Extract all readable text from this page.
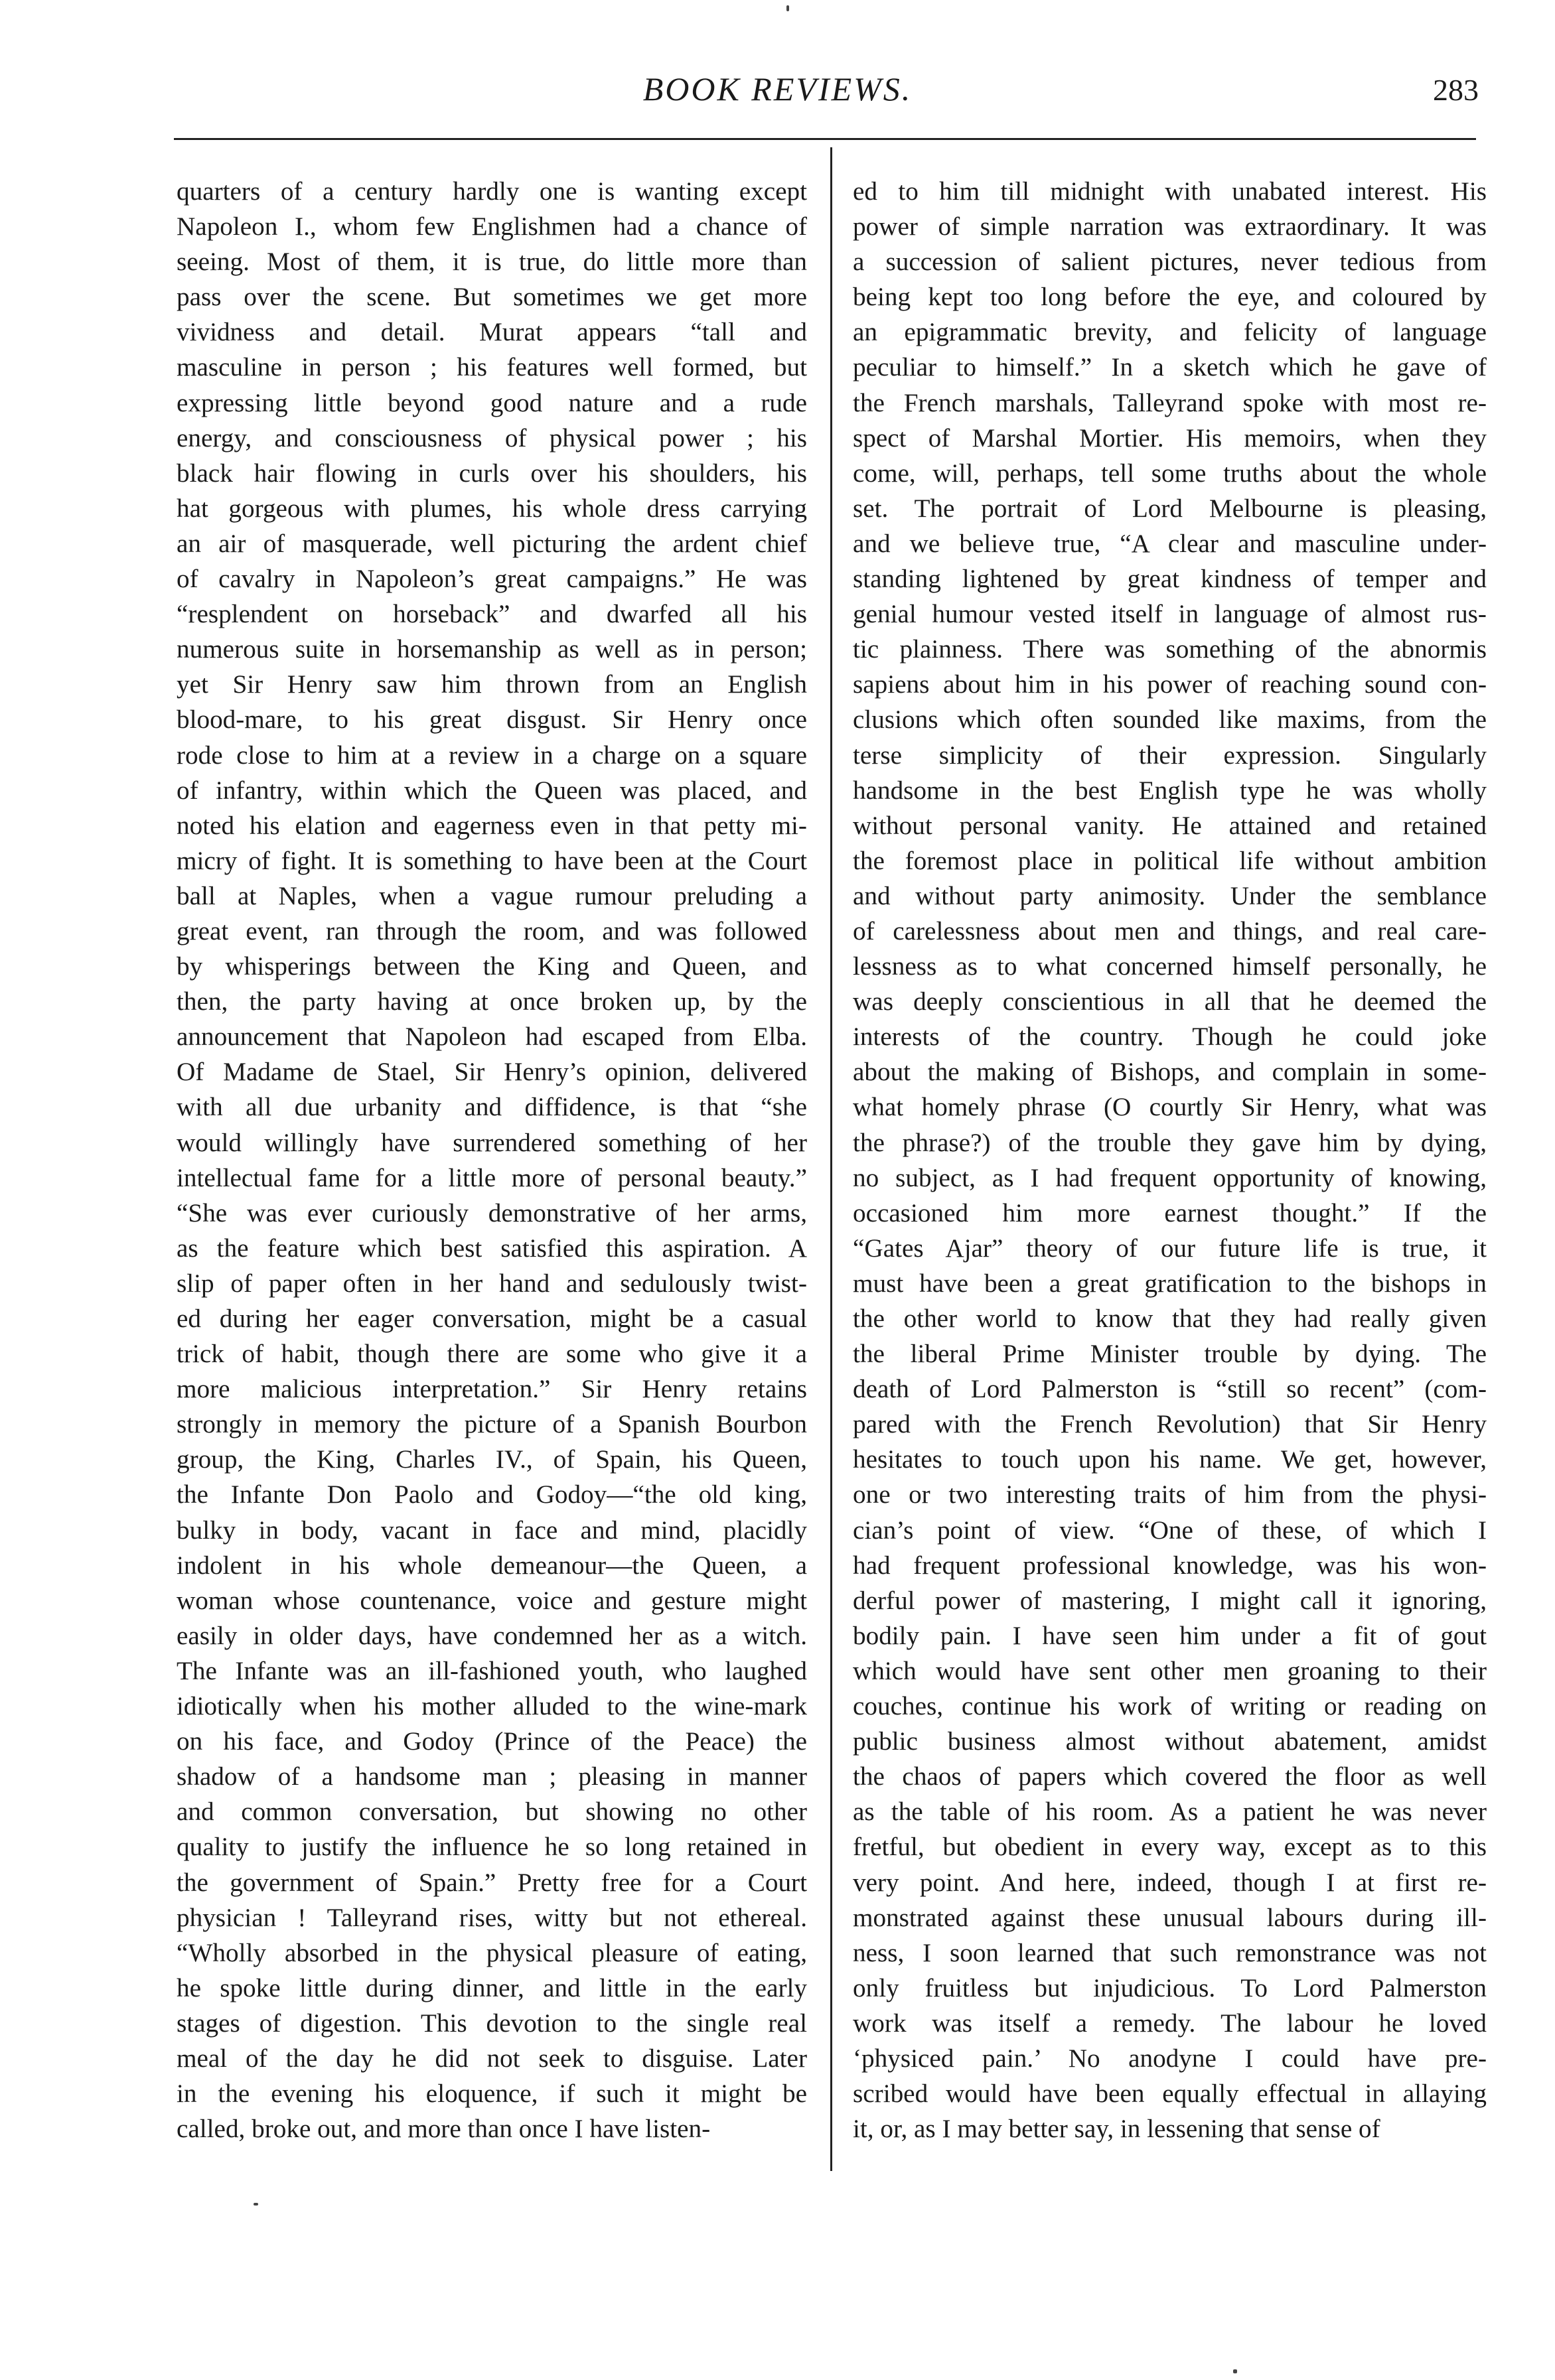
BOOK REVIEWS.	283
quarters of a century hardly one is wanting except
Napoleon I., whom few Englishmen had a chance of
seeing. Most of them, it is true, do little more than
pass over the scene. But sometimes we get more
vividness and detail. Murat appears “tall and
masculine in person ; his features well formed, but
expressing little beyond good nature and a rude
energy, and consciousness of physical power ; his
black hair flowing in curls over his shoulders, his
hat gorgeous with plumes, his whole dress carrying
an air of masquerade, well picturing the ardent chief
of cavalry in Napoleon’s great campaigns.” He was
“resplendent on horseback” and dwarfed all his
numerous suite in horsemanship as well as in person;
yet Sir Henry saw him thrown from an English
blood-mare, to his great disgust. Sir Henry once
rode close to him at a review in a charge on a square
of infantry, within which the Queen was placed, and
noted his elation and eagerness even in that petty mi-
micry of fight. It is something to have been at the Court
ball at Naples, when a vague rumour preluding a
great event, ran through the room, and was followed
by whisperings between the King and Queen, and
then, the party having at once broken up, by the
announcement that Napoleon had escaped from Elba.
Of Madame de Stael, Sir Henry’s opinion, delivered
with all due urbanity and diffidence, is that “she
would willingly have surrendered something of her
intellectual fame for a little more of personal beauty.”
“She was ever curiously demonstrative of her arms,
as the feature which best satisfied this aspiration. A
slip of paper often in her hand and sedulously twist-
ed during her eager conversation, might be a casual
trick of habit, though there are some who give it a
more malicious interpretation.” Sir Henry retains
strongly in memory the picture of a Spanish Bourbon
group, the King, Charles IV., of Spain, his Queen,
the Infante Don Paolo and Godoy—“the old king,
bulky in body, vacant in face and mind, placidly
indolent in his whole demeanour—the Queen, a
woman whose countenance, voice and gesture might
easily in older days, have condemned her as a witch.
The Infante was an ill-fashioned youth, who laughed
idiotically when his mother alluded to the wine-mark
on his face, and Godoy (Prince of the Peace) the
shadow of a handsome man ; pleasing in manner
and common conversation, but showing no other
quality to justify the influence he so long retained in
the government of Spain.” Pretty free for a Court
physician ! Talleyrand rises, witty but not ethereal.
“Wholly absorbed in the physical pleasure of eating,
he spoke little during dinner, and little in the early
stages of digestion. This devotion to the single real
meal of the day he did not seek to disguise. Later
in the evening his eloquence, if such it might be
called, broke out, and more than once I have listen-
ed to him till midnight with unabated interest. His
power of simple narration was extraordinary. It was
a succession of salient pictures, never tedious from
being kept too long before the eye, and coloured by
an epigrammatic brevity, and felicity of language
peculiar to himself.” In a sketch which he gave of
the French marshals, Talleyrand spoke with most re-
spect of Marshal Mortier. His memoirs, when they
come, will, perhaps, tell some truths about the whole
set. The portrait of Lord Melbourne is pleasing,
and we believe true, “A clear and masculine under-
standing lightened by great kindness of temper and
genial humour vested itself in language of almost rus-
tic plainness. There was something of the abnormis
sapiens about him in his power of reaching sound con-
clusions which often sounded like maxims, from the
terse simplicity of their expression. Singularly
handsome in the best English type he was wholly
without personal vanity. He attained and retained
the foremost place in political life without ambition
and without party animosity. Under the semblance
of carelessness about men and things, and real care-
lessness as to what concerned himself personally, he
was deeply conscientious in all that he deemed the
interests of the country. Though he could joke
about the making of Bishops, and complain in some-
what homely phrase (O courtly Sir Henry, what was
the phrase?) of the trouble they gave him by dying,
no subject, as I had frequent opportunity of knowing,
occasioned him more earnest thought.” If the
“Gates Ajar” theory of our future life is true, it
must have been a great gratification to the bishops in
the other world to know that they had really given
the liberal Prime Minister trouble by dying. The
death of Lord Palmerston is “still so recent” (com-
pared with the French Revolution) that Sir Henry
hesitates to touch upon his name. We get, however,
one or two interesting traits of him from the physi-
cian’s point of view. “One of these, of which I
had frequent professional knowledge, was his won-
derful power of mastering, I might call it ignoring,
bodily pain. I have seen him under a fit of gout
which would have sent other men groaning to their
couches, continue his work of writing or reading on
public business almost without abatement, amidst
the chaos of papers which covered the floor as well
as the table of his room. As a patient he was never
fretful, but obedient in every way, except as to this
very point. And here, indeed, though I at first re-
monstrated against these unusual labours during ill-
ness, I soon learned that such remonstrance was not
only fruitless but injudicious. To Lord Palmerston
work was itself a remedy. The labour he loved
‘physiced pain.’ No anodyne I could have pre-
scribed would have been equally effectual in allaying
it, or, as I may better say, in lessening that sense of
